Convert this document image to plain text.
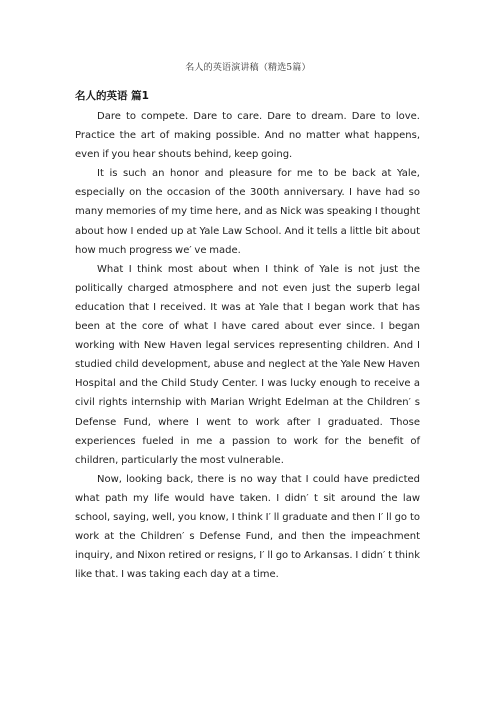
名人的英语演讲稿（精选5篇）
名人的英语 篇1

Dare to compete. Dare to care. Dare to dream. Dare to love. Practice the art of making possible. And no matter what happens, even if you hear shouts behind, keep going.

It is such an honor and pleasure for me to be back at Yale, especially on the occasion of the 300th anniversary. I have had so many memories of my time here, and as Nick was speaking I thought about how I ended up at Yale Law School. And it tells a little bit about how much progress we′ ve made.

What I think most about when I think of Yale is not just the politically charged atmosphere and not even just the superb legal education that I received. It was at Yale that I began work that has been at the core of what I have cared about ever since. I began working with New Haven legal services representing children. And I studied child development, abuse and neglect at the Yale New Haven Hospital and the Child Study Center. I was lucky enough to receive a civil rights internship with Marian Wright Edelman at the Children′ s Defense Fund, where I went to work after I graduated. Those experiences fueled in me a passion to work for the benefit of children, particularly the most vulnerable.

Now, looking back, there is no way that I could have predicted what path my life would have taken. I didn′ t sit around the law school, saying, well, you know, I think I′ ll graduate and then I′ ll go to work at the Children′ s Defense Fund, and then the impeachment inquiry, and Nixon retired or resigns, I′ ll go to Arkansas. I didn′ t think like that. I was taking each day at a time.
